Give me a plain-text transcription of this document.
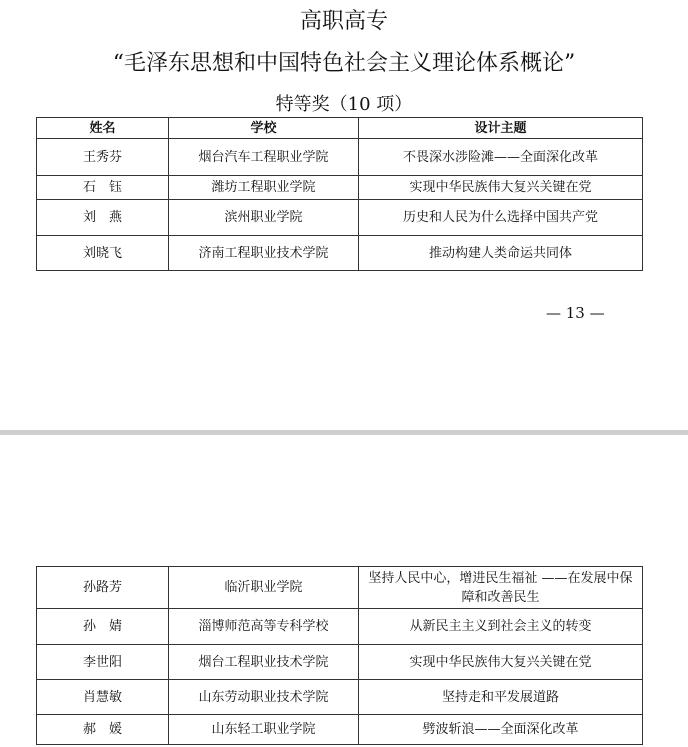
高职高专
“毛泽东思想和中国特色社会主义理论体系概论”
特等奖（10 项）
姓名	学校	设计主题
王秀芬	烟台汽车工程职业学院	不畏深水涉险滩——全面深化改革
石　钰	潍坊工程职业学院	实现中华民族伟大复兴关键在党
刘　燕	滨州职业学院	历史和人民为什么选择中国共产党
刘晓飞	济南工程职业技术学院	推动构建人类命运共同体
— 13 —
孙路芳	临沂职业学院	坚持人民中心，增进民生福祉 ——在发展中保障和改善民生
孙　婧	淄博师范高等专科学校	从新民主主义到社会主义的转变
李世阳	烟台工程职业技术学院	实现中华民族伟大复兴关键在党
肖慧敏	山东劳动职业技术学院	坚持走和平发展道路
郝　媛	山东轻工职业学院	劈波斩浪——全面深化改革
